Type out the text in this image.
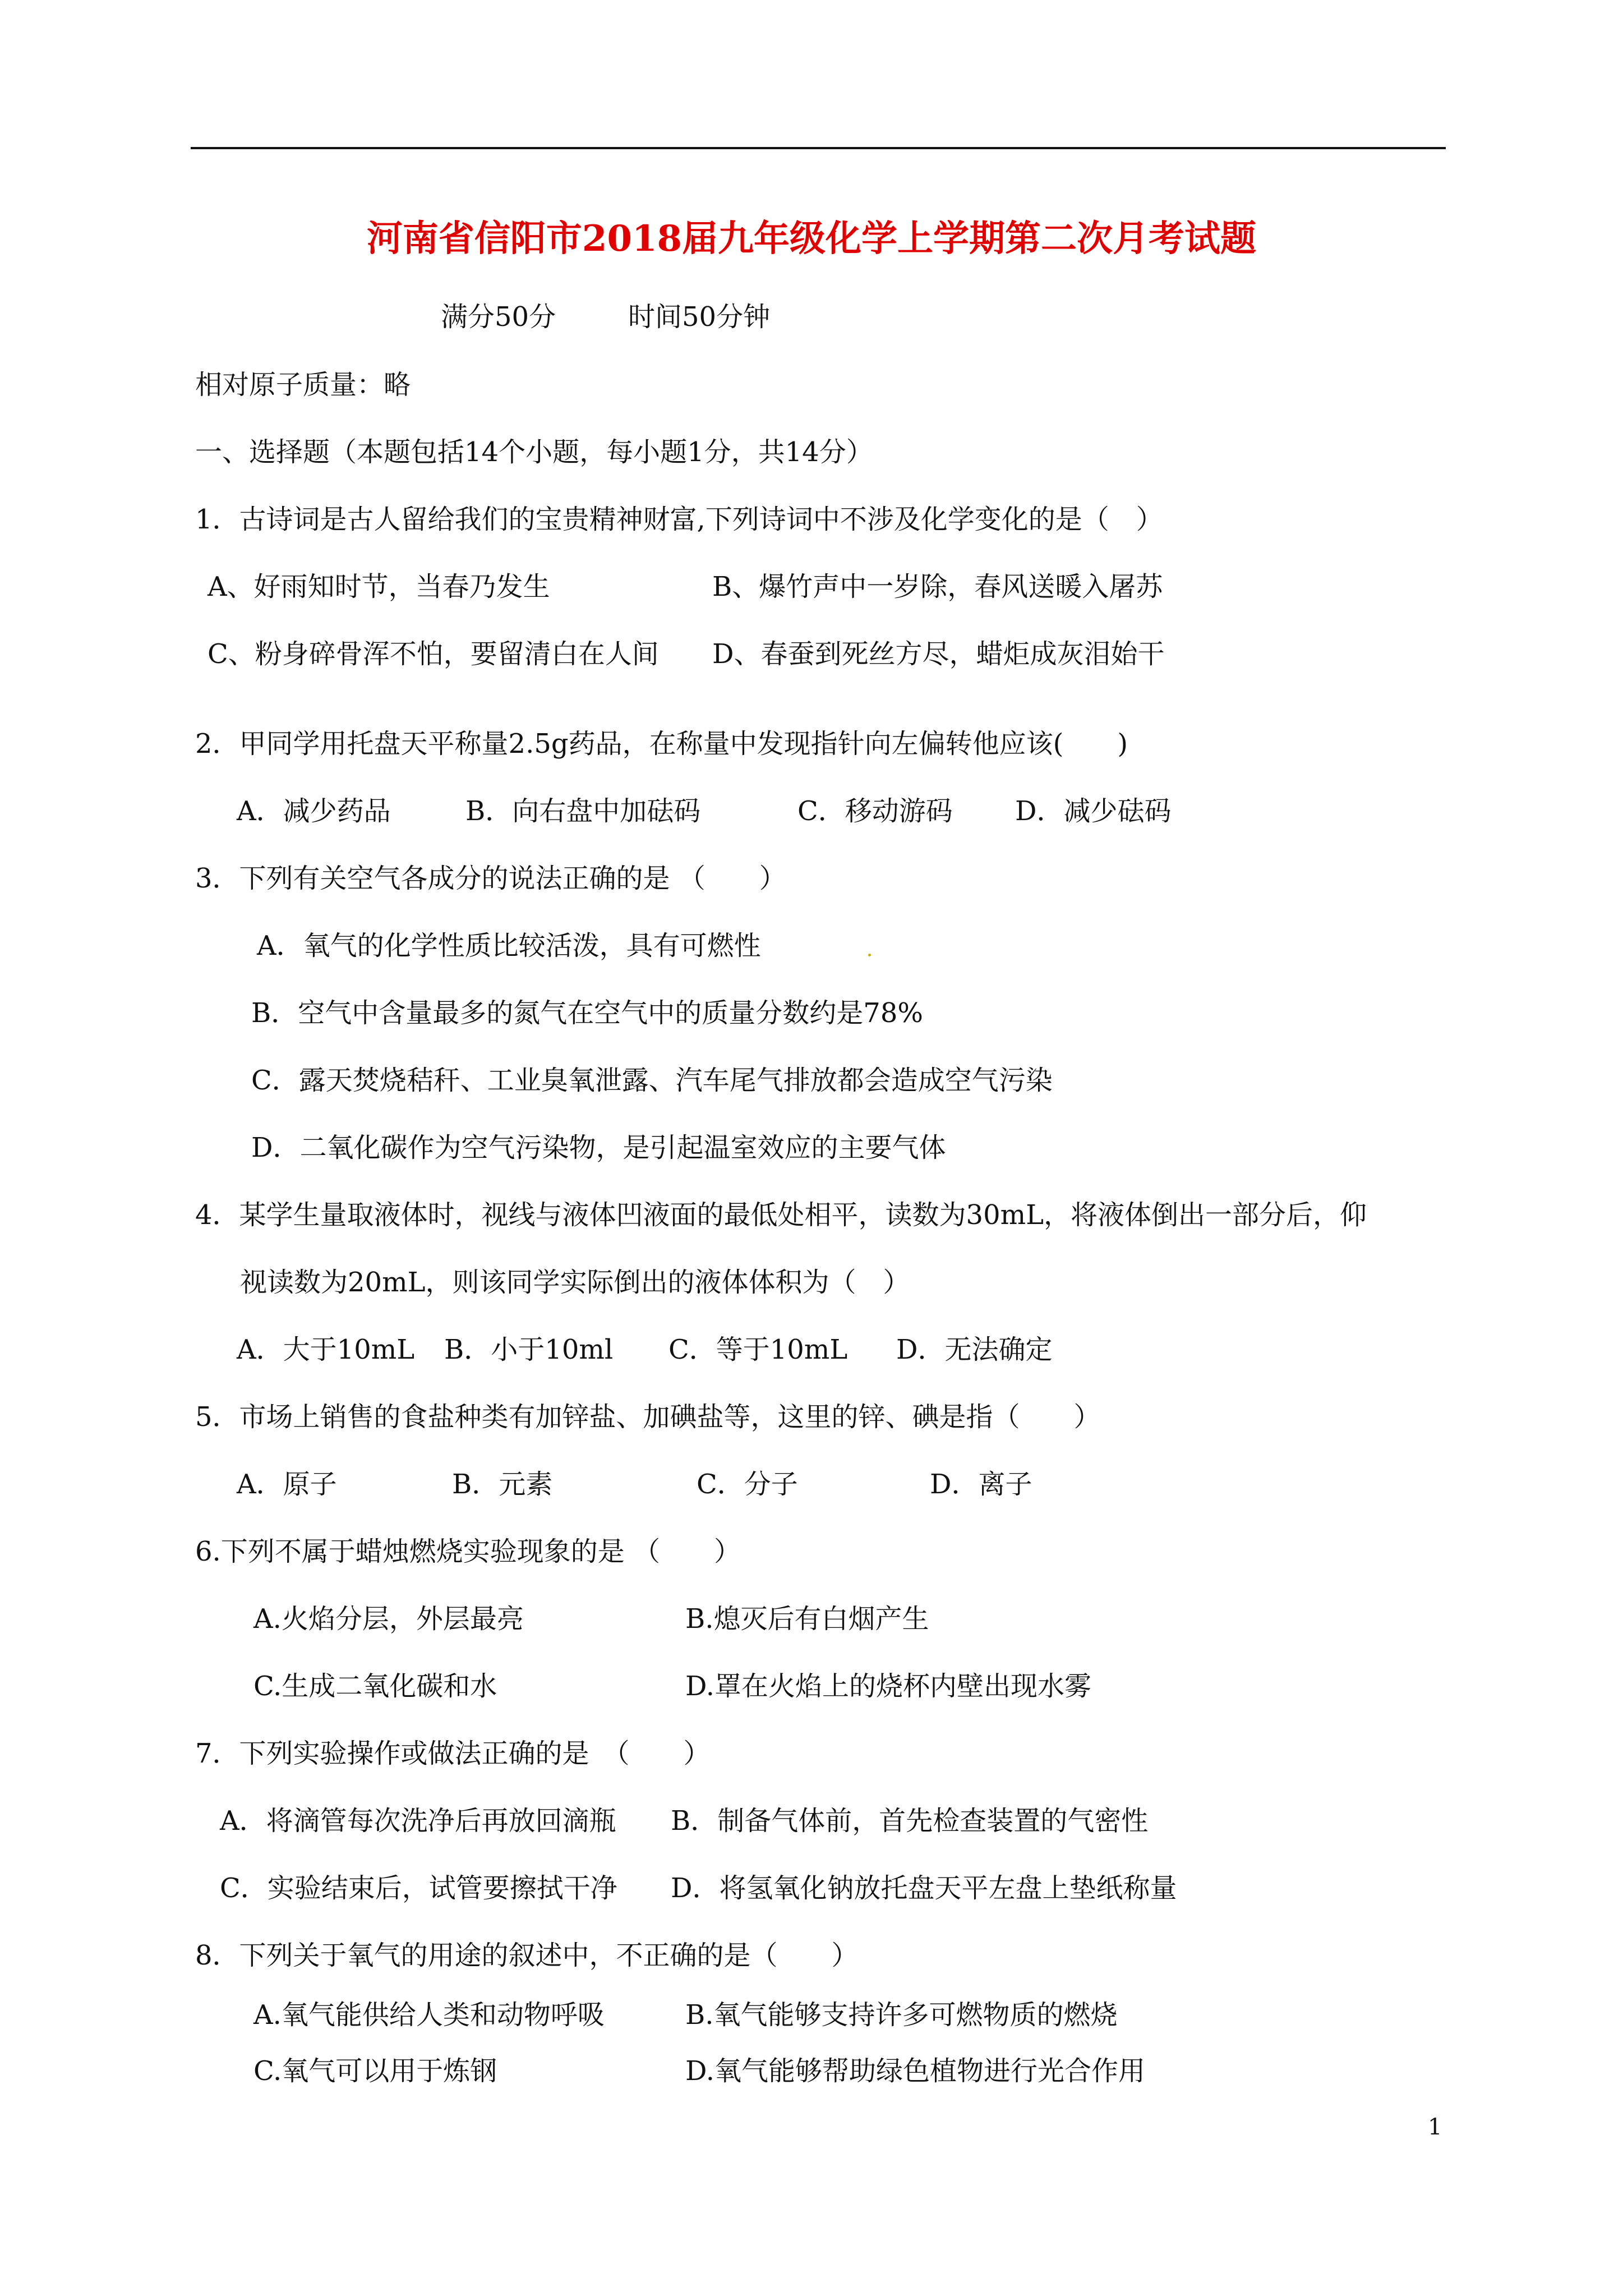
河南省信阳市2018届九年级化学上学期第二次月考试题
满分50分	时间50分钟
相对原子质量：略
一、选择题（本题包括14个小题，每小题1分，共14分）
1．古诗词是古人留给我们的宝贵精神财富,下列诗词中不涉及化学变化的是（　）
A、好雨知时节，当春乃发生	B、爆竹声中一岁除，春风送暖入屠苏
C、粉身碎骨浑不怕，要留清白在人间 D、春蚕到死丝方尽，蜡炬成灰泪始干
2．甲同学用托盘天平称量2.5g药品，在称量中发现指针向左偏转他应该(　　)
A．减少药品	B．向右盘中加砝码	C．移动游码 D．减少砝码
3．下列有关空气各成分的说法正确的是 （　　）
A．氧气的化学性质比较活泼，具有可燃性
B．空气中含量最多的氮气在空气中的质量分数约是78%
C．露天焚烧秸秆、工业臭氧泄露、汽车尾气排放都会造成空气污染
D．二氧化碳作为空气污染物，是引起温室效应的主要气体
4．某学生量取液体时，视线与液体凹液面的最低处相平，读数为30mL，将液体倒出一部分后，仰
视读数为20mL，则该同学实际倒出的液体体积为（　）
A．大于10mL B．小于10ml C．等于10mL D．无法确定
5．市场上销售的食盐种类有加锌盐、加碘盐等，这里的锌、碘是指（　　）
A．原子	B．元素	C．分子	D．离子
6.下列不属于蜡烛燃烧实验现象的是 （　　）
A.火焰分层，外层最亮	B.熄灭后有白烟产生
C.生成二氧化碳和水	D.罩在火焰上的烧杯内壁出现水雾
7．下列实验操作或做法正确的是　（　　）
A．将滴管每次洗净后再放回滴瓶 B．制备气体前，首先检查装置的气密性
C．实验结束后，试管要擦拭干净 D．将氢氧化钠放托盘天平左盘上垫纸称量
8．下列关于氧气的用途的叙述中，不正确的是（　　）
A.氧气能供给人类和动物呼吸	B.氧气能够支持许多可燃物质的燃烧
C.氧气可以用于炼钢	D.氧气能够帮助绿色植物进行光合作用
1
